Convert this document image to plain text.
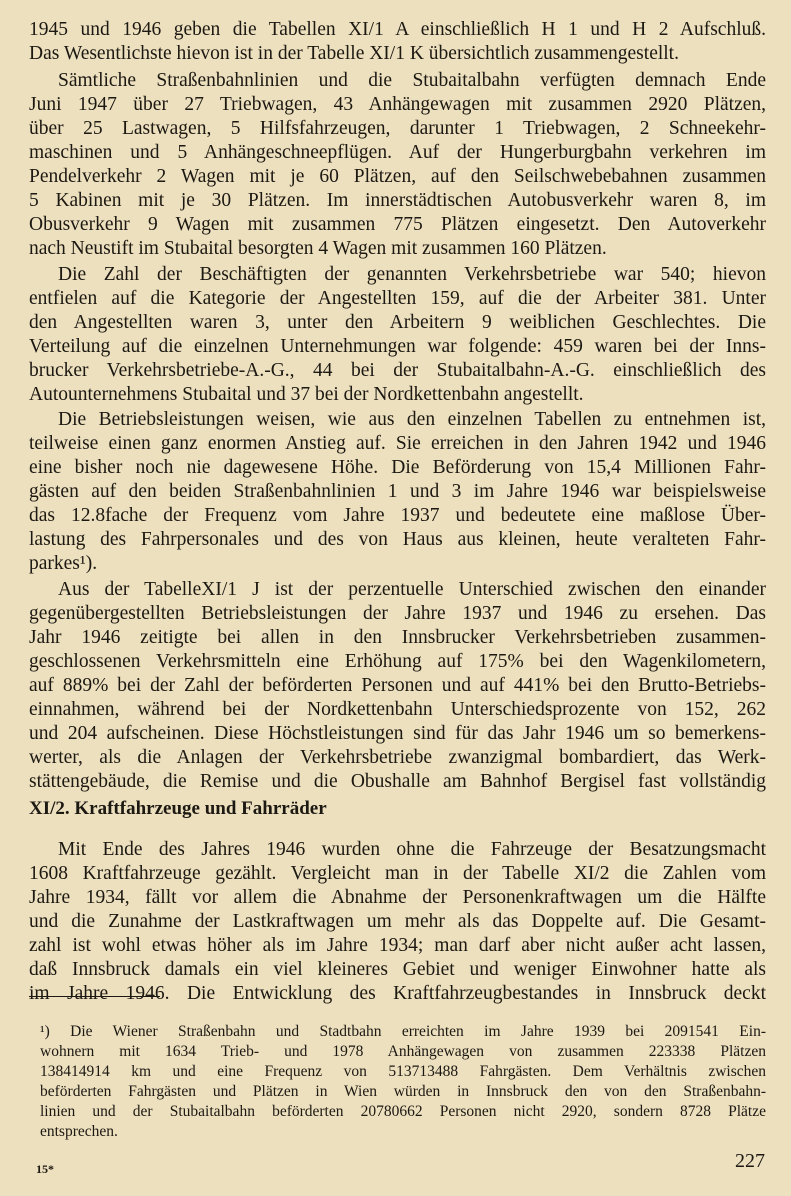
1945 und 1946 geben die Tabellen XI/1 A einschließlich H 1 und H 2 Aufschluß.
Das Wesentlichste hievon ist in der Tabelle XI/1 K übersichtlich zusammengestellt.
Sämtliche Straßenbahnlinien und die Stubaitalbahn verfügten demnach Ende
Juni 1947 über 27 Triebwagen, 43 Anhängewagen mit zusammen 2920 Plätzen,
über 25 Lastwagen, 5 Hilfsfahrzeugen, darunter 1 Triebwagen, 2 Schneekehr-
maschinen und 5 Anhängeschneepflügen. Auf der Hungerburgbahn verkehren im
Pendelverkehr 2 Wagen mit je 60 Plätzen, auf den Seilschwebebahnen zusammen
5 Kabinen mit je 30 Plätzen. Im innerstädtischen Autobusverkehr waren 8, im
Obusverkehr 9 Wagen mit zusammen 775 Plätzen eingesetzt. Den Autoverkehr
nach Neustift im Stubaital besorgten 4 Wagen mit zusammen 160 Plätzen.
Die Zahl der Beschäftigten der genannten Verkehrsbetriebe war 540; hievon
entfielen auf die Kategorie der Angestellten 159, auf die der Arbeiter 381. Unter
den Angestellten waren 3, unter den Arbeitern 9 weiblichen Geschlechtes. Die
Verteilung auf die einzelnen Unternehmungen war folgende: 459 waren bei der Inns-
brucker Verkehrsbetriebe-A.-G., 44 bei der Stubaitalbahn-A.-G. einschließlich des
Autounternehmens Stubaital und 37 bei der Nordkettenbahn angestellt.
Die Betriebsleistungen weisen, wie aus den einzelnen Tabellen zu entnehmen ist,
teilweise einen ganz enormen Anstieg auf. Sie erreichen in den Jahren 1942 und 1946
eine bisher noch nie dagewesene Höhe. Die Beförderung von 15,4 Millionen Fahr-
gästen auf den beiden Straßenbahnlinien 1 und 3 im Jahre 1946 war beispielsweise
das 12.8fache der Frequenz vom Jahre 1937 und bedeutete eine maßlose Über-
lastung des Fahrpersonales und des von Haus aus kleinen, heute veralteten Fahr-
parkes¹).
Aus der TabelleXI/1 J ist der perzentuelle Unterschied zwischen den einander
gegenübergestellten Betriebsleistungen der Jahre 1937 und 1946 zu ersehen. Das
Jahr 1946 zeitigte bei allen in den Innsbrucker Verkehrsbetrieben zusammen-
geschlossenen Verkehrsmitteln eine Erhöhung auf 175% bei den Wagenkilometern,
auf 889% bei der Zahl der beförderten Personen und auf 441% bei den Brutto-Betriebs-
einnahmen, während bei der Nordkettenbahn Unterschiedsprozente von 152, 262
und 204 aufscheinen. Diese Höchstleistungen sind für das Jahr 1946 um so bemerkens-
werter, als die Anlagen der Verkehrsbetriebe zwanzigmal bombardiert, das Werk-
stättengebäude, die Remise und die Obushalle am Bahnhof Bergisel fast vollständig
XI/2. Kraftfahrzeuge und Fahrräder
Mit Ende des Jahres 1946 wurden ohne die Fahrzeuge der Besatzungsmacht
1608 Kraftfahrzeuge gezählt. Vergleicht man in der Tabelle XI/2 die Zahlen vom
Jahre 1934, fällt vor allem die Abnahme der Personenkraftwagen um die Hälfte
und die Zunahme der Lastkraftwagen um mehr als das Doppelte auf. Die Gesamt-
zahl ist wohl etwas höher als im Jahre 1934; man darf aber nicht außer acht lassen,
daß Innsbruck damals ein viel kleineres Gebiet und weniger Einwohner hatte als
im Jahre 1946. Die Entwicklung des Kraftfahrzeugbestandes in Innsbruck deckt
¹) Die Wiener Straßenbahn und Stadtbahn erreichten im Jahre 1939 bei 2091541 Ein-
wohnern mit 1634 Trieb- und 1978 Anhängewagen von zusammen 223338 Plätzen
138414914 km und eine Frequenz von 513713488 Fahrgästen. Dem Verhältnis zwischen
beförderten Fahrgästen und Plätzen in Wien würden in Innsbruck den von den Straßenbahn-
linien und der Stubaitalbahn beförderten 20780662 Personen nicht 2920, sondern 8728 Plätze
entsprechen.
15*	227
